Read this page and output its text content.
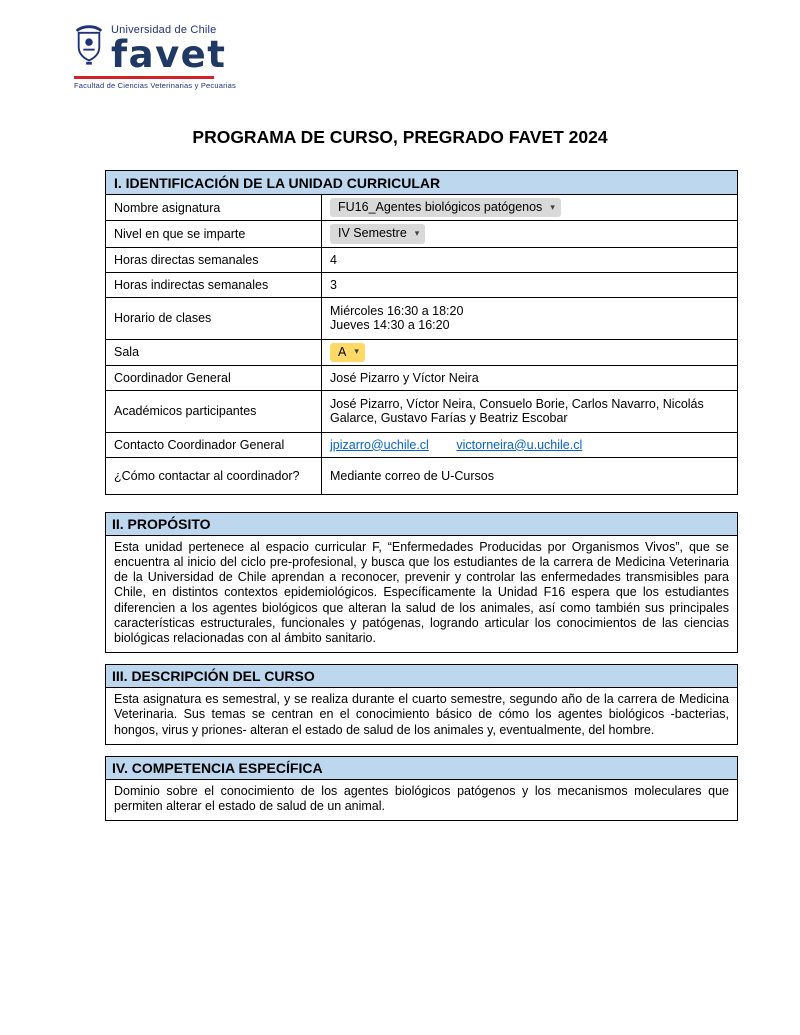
Universidad de Chile
favet
Facultad de Ciencias Veterinarias y Pecuarias
PROGRAMA DE CURSO, PREGRADO FAVET 2024
I. IDENTIFICACIÓN DE LA UNIDAD CURRICULAR	
Nombre asignatura	FU16_Agentes biológicos patógenos ▾

Nivel en que se imparte	IV Semestre ▾

Horas directas semanales	4
Horas indirectas semanales	3
Horario de clases	Miércoles 16:30 a 18:20
Jueves 14:30 a 16:20

Sala	A ▾

Coordinador General	José Pizarro y Víctor Neira
Académicos participantes	José Pizarro, Víctor Neira, Consuelo Borie, Carlos Navarro, Nicolás Galarce, Gustavo Farías y Beatriz Escobar
Contacto Coordinador General	jpizarro@uchile.cl victorneira@u.uchile.cl
¿Cómo contactar al coordinador?	Mediante correo de U-Cursos
II. PROPÓSITO
Esta unidad pertenece al espacio curricular F, “Enfermedades Producidas por Organismos Vivos”, que se encuentra al inicio del ciclo pre-profesional, y busca que los estudiantes de la carrera de Medicina Veterinaria de la Universidad de Chile aprendan a reconocer, prevenir y controlar las enfermedades transmisibles para Chile, en distintos contextos epidemiológicos. Específicamente la Unidad F16 espera que los estudiantes diferencien a los agentes biológicos que alteran la salud de los animales, así como también sus principales características estructurales, funcionales y patógenas, logrando articular los conocimientos de las ciencias biológicas relacionadas con al ámbito sanitario.
III. DESCRIPCIÓN DEL CURSO
Esta asignatura es semestral, y se realiza durante el cuarto semestre, segundo año de la carrera de Medicina Veterinaria. Sus temas se centran en el conocimiento básico de cómo los agentes biológicos -bacterias, hongos, virus y priones- alteran el estado de salud de los animales y, eventualmente, del hombre.
IV. COMPETENCIA ESPECÍFICA
Dominio sobre el conocimiento de los agentes biológicos patógenos y los mecanismos moleculares que permiten alterar el estado de salud de un animal.
